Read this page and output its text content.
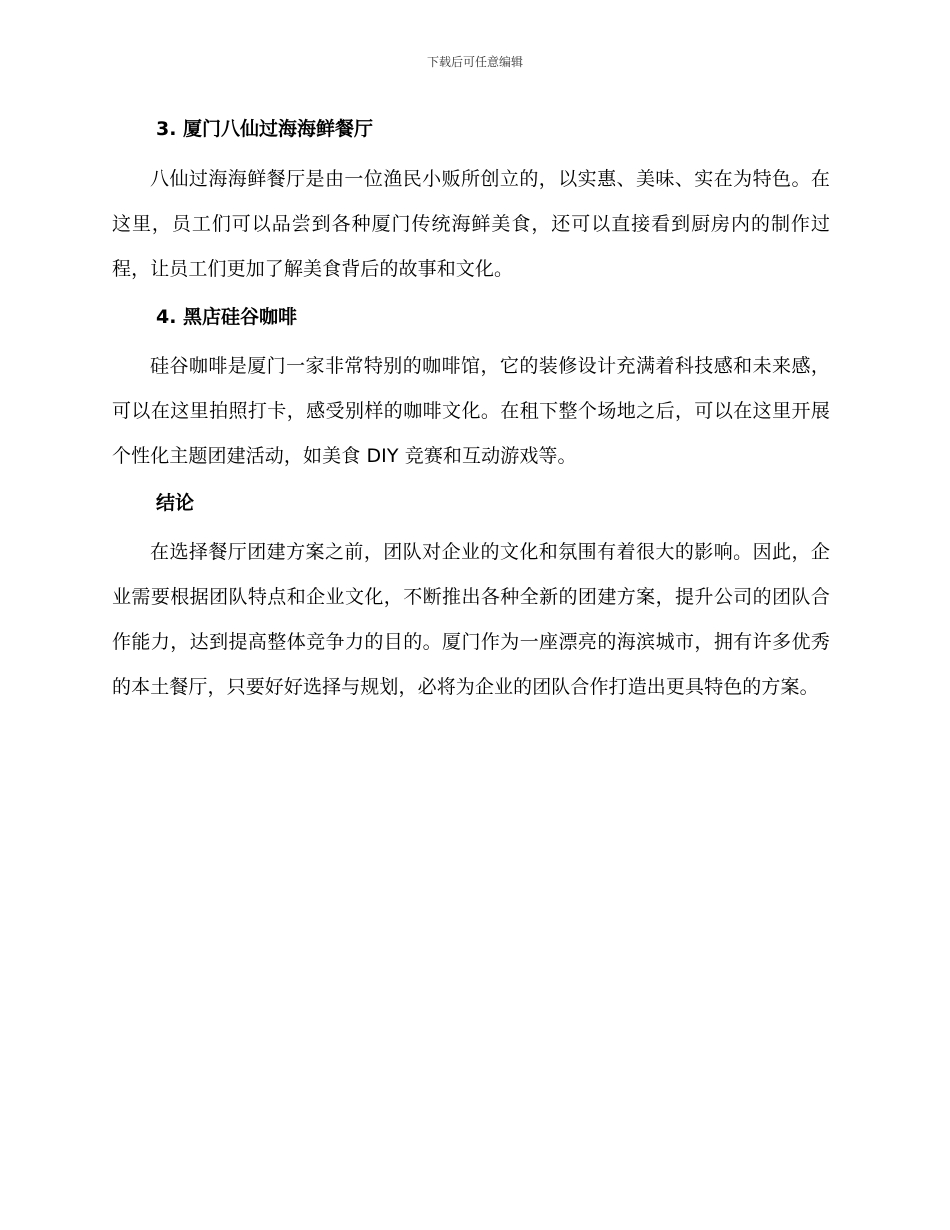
下载后可任意编辑
3. 厦门八仙过海海鲜餐厅

八仙过海海鲜餐厅是由一位渔民小贩所创立的，以实惠、美味、实在为特色。在这里，员工们可以品尝到各种厦门传统海鲜美食，还可以直接看到厨房内的制作过程，让员工们更加了解美食背后的故事和文化。

4. 黑店硅谷咖啡

硅谷咖啡是厦门一家非常特别的咖啡馆，它的装修设计充满着科技感和未来感，可以在这里拍照打卡，感受别样的咖啡文化。在租下整个场地之后，可以在这里开展个性化主题团建活动，如美食 DIY 竞赛和互动游戏等。

结论

在选择餐厅团建方案之前，团队对企业的文化和氛围有着很大的影响。因此，企业需要根据团队特点和企业文化，不断推出各种全新的团建方案，提升公司的团队合作能力，达到提高整体竞争力的目的。厦门作为一座漂亮的海滨城市，拥有许多优秀的本土餐厅，只要好好选择与规划，必将为企业的团队合作打造出更具特色的方案。
